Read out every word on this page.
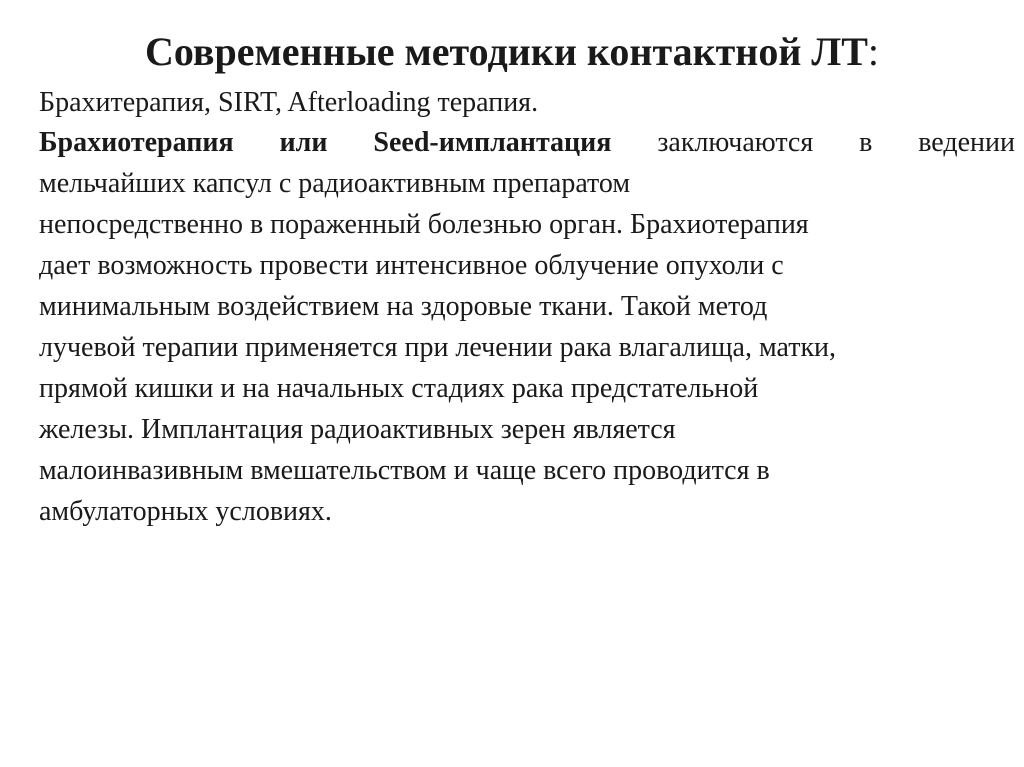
Современные методики контактной ЛТ:

Брахитерапия, SIRT, Afterloading терапия.

Брахиотерапия или Seed-имплантация заключаются в ведении
мельчайших капсул с радиоактивным препаратом
непосредственно в пораженный болезнью орган. Брахиотерапия
дает возможность провести интенсивное облучение опухоли с
минимальным воздействием на здоровые ткани. Такой метод
лучевой терапии применяется при лечении рака влагалища, матки,
прямой кишки и на начальных стадиях рака предстательной
железы. Имплантация радиоактивных зерен является
малоинвазивным вмешательством и чаще всего проводится в
амбулаторных условиях.
